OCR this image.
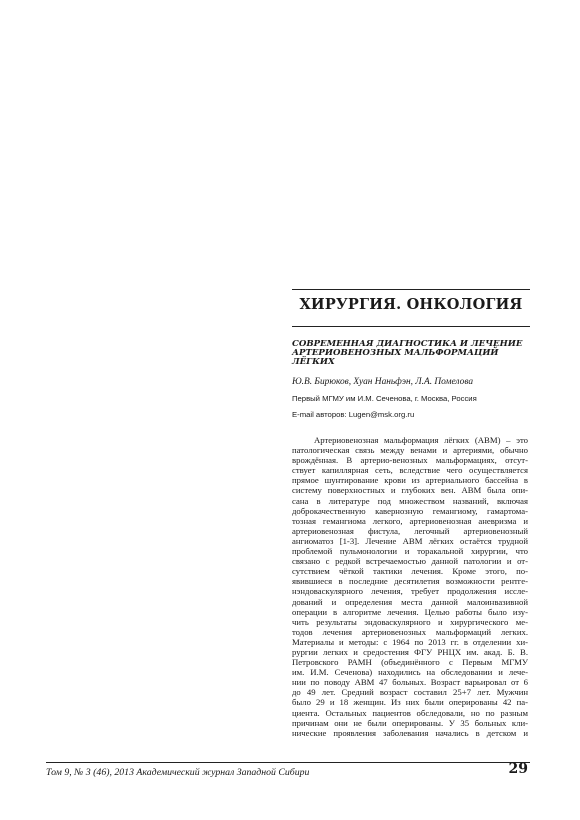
ХИРУРГИЯ. ОНКОЛОГИЯ
СОВРЕМЕННАЯ ДИАГНОСТИКА И ЛЕЧЕНИЕ
АРТЕРИОВЕНОЗНЫХ МАЛЬФОРМАЦИЙ
ЛЁГКИХ
Ю.В. Бирюков, Хуан Наньфэн, Л.А. Помелова
Первый МГМУ им И.М. Сеченова, г. Москва, Россия
E-mail авторов: Lugen@msk.org.ru
Артериовенозная мальформация лёгких (АВМ) – это
патологическая связь между венами и артериями, обычно
врождённая. В артерио-венозных мальформациях, отсут-
ствует капиллярная сеть, вследствие чего осуществляется
прямое шунтирование крови из артериального бассейна в
систему поверхностных и глубоких вен. АВМ была опи-
сана в литературе под множеством названий, включая
доброкачественную кавернозную гемангиому, гамартома-
тозная гемангиома легкого, артериовенозная аневризма и
артериовенозная фистула, легочный артериовенозный
ангиоматоз [1-3]. Лечение АВМ лёгких остаётся трудной
проблемой пульмонологии и торакальной хирургии, что
связано с редкой встречаемостью данной патологии и от-
сутствием чёткой тактики лечения. Кроме этого, по-
явившиеся в последние десятилетия возможности рентге-
нэндоваскулярного лечения, требует продолжения иссле-
дований и определения места данной малоинвазивной
операции в алгоритме лечения. Целью работы было изу-
чить результаты эндоваскулярного и хирургического ме-
тодов лечения артериовенозных мальформаций легких.
Материалы и методы: с 1964 по 2013 гг. в отделении хи-
рургии легких и средостения ФГУ РНЦХ им. акад. Б. В.
Петровского РАМН (объединённого с Первым МГМУ
им. И.М. Сеченова) находились на обследовании и лече-
нии по поводу АВМ 47 больных. Возраст варьировал от 6
до 49 лет. Средний возраст составил 25+7 лет. Мужчин
было 29 и 18 женщин. Из них были оперированы 42 па-
циента. Остальных пациентов обследовали, но по разным
причинам они не были оперированы. У 35 больных кли-
нические проявления заболевания начались в детском и
Том 9, № 3 (46), 2013 Академический журнал Западной Сибири	29
